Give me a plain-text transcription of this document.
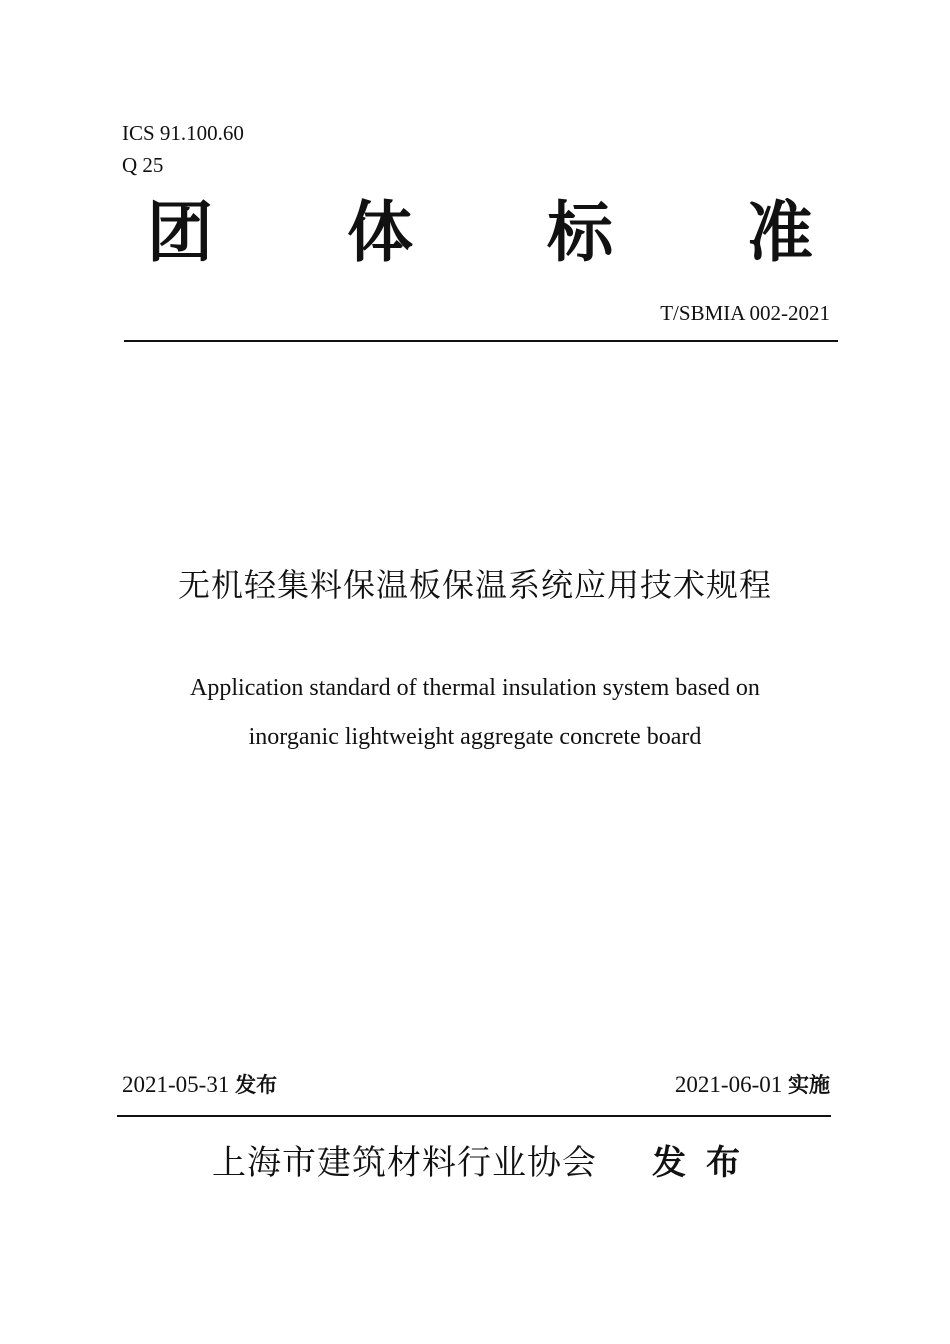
ICS 91.100.60
Q 25
团	体	标	准
T/SBMIA 002-2021
无机轻集料保温板保温系统应用技术规程
Application standard of thermal insulation system based on
inorganic lightweight aggregate concrete board
2021-05-31 发布	2021-06-01 实施
上海市建筑材料行业协会 发布
